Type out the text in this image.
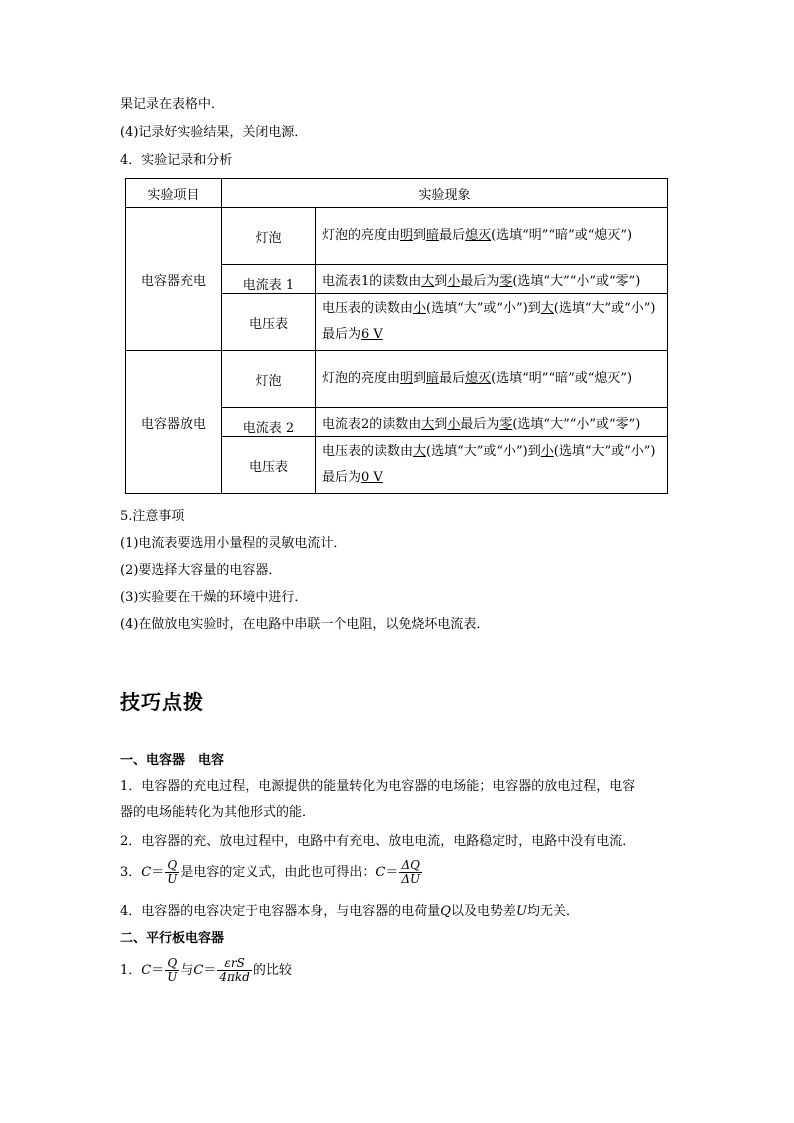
果记录在表格中．
(4)记录好实验结果，关闭电源．
4．实验记录和分析
实验项目	实验现象	
电容器充电	灯泡	灯泡的亮度由明到暗最后熄灭(选填“明”“暗”或“熄灭”)
	电流表 1	电流表1的读数由大到小最后为零(选填“大”“小”或“零”)
	电压表	电压表的读数由小(选填“大”或“小”)到大(选填“大”或“小”)最后为6 V
电容器放电	灯泡	灯泡的亮度由明到暗最后熄灭(选填“明”“暗”或“熄灭”)
	电流表 2	电流表2的读数由大到小最后为零(选填“大”“小”或“零”)
	电压表	电压表的读数由大(选填“大”或“小”)到小(选填“大”或“小”)最后为0 V
5.注意事项
(1)电流表要选用小量程的灵敏电流计．
(2)要选择大容量的电容器．
(3)实验要在干燥的环境中进行．
(4)在做放电实验时，在电路中串联一个电阻，以免烧坏电流表．
技巧点拨
一、电容器　电容
1．电容器的充电过程，电源提供的能量转化为电容器的电场能；电容器的放电过程，电容
器的电场能转化为其他形式的能．
2．电容器的充、放电过程中，电路中有充电、放电电流，电路稳定时，电路中没有电流．
3．$C= \frac{Q}{U}$ 是电容的定义式，由此也可得出：$C= \frac{\Delta Q}{\Delta U}$
4．电容器的电容决定于电容器本身，与电容器的电荷量Q以及电势差U均无关．
二、平行板电容器
1．$C= \frac{Q}{U}$ 与$C= \frac{\text{εrS}}{\text{4πkd}}$ 的比较
